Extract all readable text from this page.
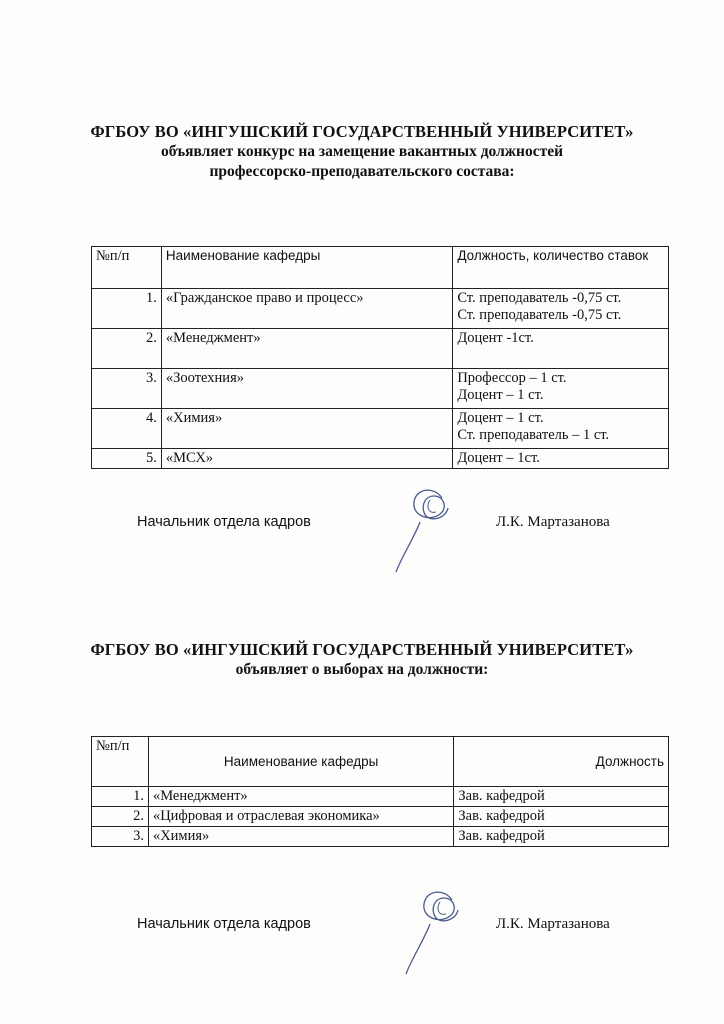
ФГБОУ ВО «ИНГУШСКИЙ ГОСУДАРСТВЕННЫЙ УНИВЕРСИТЕТ»
объявляет конкурс на замещение вакантных должностей
профессорско-преподавательского состава:
№п/п	Наименование кафедры	Должность, количество ставок
1.	«Гражданское право и процесс»	Ст. преподаватель -0,75 ст.
Ст. преподаватель -0,75 ст.

2.	«Менеджмент»	Доцент -1ст.

3.	«Зоотехния»	Профессор – 1 ст.
Доцент – 1 ст.

4.	«Химия»	Доцент – 1 ст.
Ст. преподаватель – 1 ст.

5.	«МСХ»	Доцент – 1ст.
Начальник отдела кадров	Л.К. Мартазанова
ФГБОУ ВО «ИНГУШСКИЙ ГОСУДАРСТВЕННЫЙ УНИВЕРСИТЕТ»
объявляет о выборах на должности:
№п/п	Наименование кафедры	Должность
1.	«Менеджмент»	Зав. кафедрой
2.	«Цифровая и отраслевая экономика»	Зав. кафедрой
3.	«Химия»	Зав. кафедрой
Начальник отдела кадров	Л.К. Мартазанова
